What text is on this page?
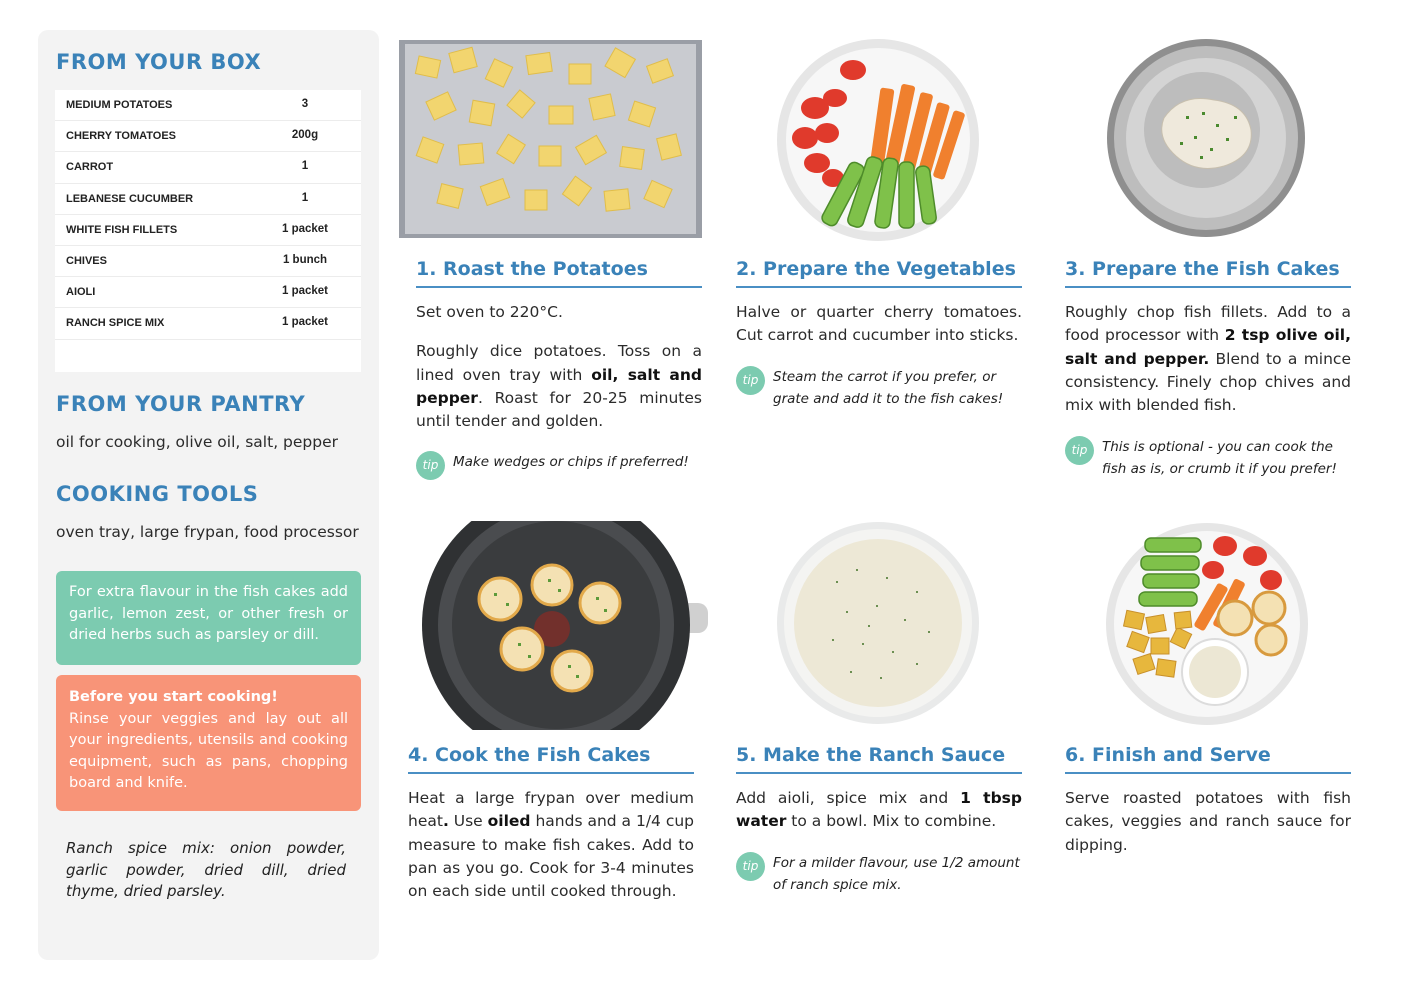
FROM YOUR BOX
MEDIUM POTATOES	3
CHERRY TOMATOES	200g
CARROT	1
LEBANESE CUCUMBER	1
WHITE FISH FILLETS	1 packet
CHIVES	1 bunch
AIOLI	1 packet
RANCH SPICE MIX	1 packet
FROM YOUR PANTRY
oil for cooking, olive oil, salt, pepper
COOKING TOOLS
oven tray, large frypan, food processor
For extra flavour in the fish cakes add garlic, lemon zest, or other fresh or dried herbs such as parsley or dill.
Before you start cooking!
Rinse your veggies and lay out all your ingredients, utensils and cooking equipment, such as pans, chopping board and knife.
Ranch spice mix: onion powder, garlic powder, dried dill, dried thyme, dried parsley.
1. Roast the Potatoes

Set oven to 220°C.

Roughly dice potatoes. Toss on a lined oven tray with oil, salt and pepper. Roast for 20-25 minutes until tender and golden.

tip	Make wedges or chips if preferred!
2. Prepare the Vegetables

Halve or quarter cherry tomatoes. Cut carrot and cucumber into sticks.

tip	Steam the carrot if you prefer, or grate and add it to the fish cakes!
3. Prepare the Fish Cakes

Roughly chop fish fillets. Add to a food processor with 2 tsp olive oil, salt and pepper. Blend to a mince consistency. Finely chop chives and mix with blended fish.

tip	This is optional - you can cook the fish as is, or crumb it if you prefer!
4. Cook the Fish Cakes

Heat a large frypan over medium heat. Use oiled hands and a 1/4 cup measure to make fish cakes. Add to pan as you go. Cook for 3-4 minutes on each side until cooked through.

5. Make the Ranch Sauce

Add aioli, spice mix and 1 tbsp water to a bowl. Mix to combine.

tip	For a milder flavour, use 1/2 amount of ranch spice mix.
6. Finish and Serve

Serve roasted potatoes with fish cakes, veggies and ranch sauce for dipping.
